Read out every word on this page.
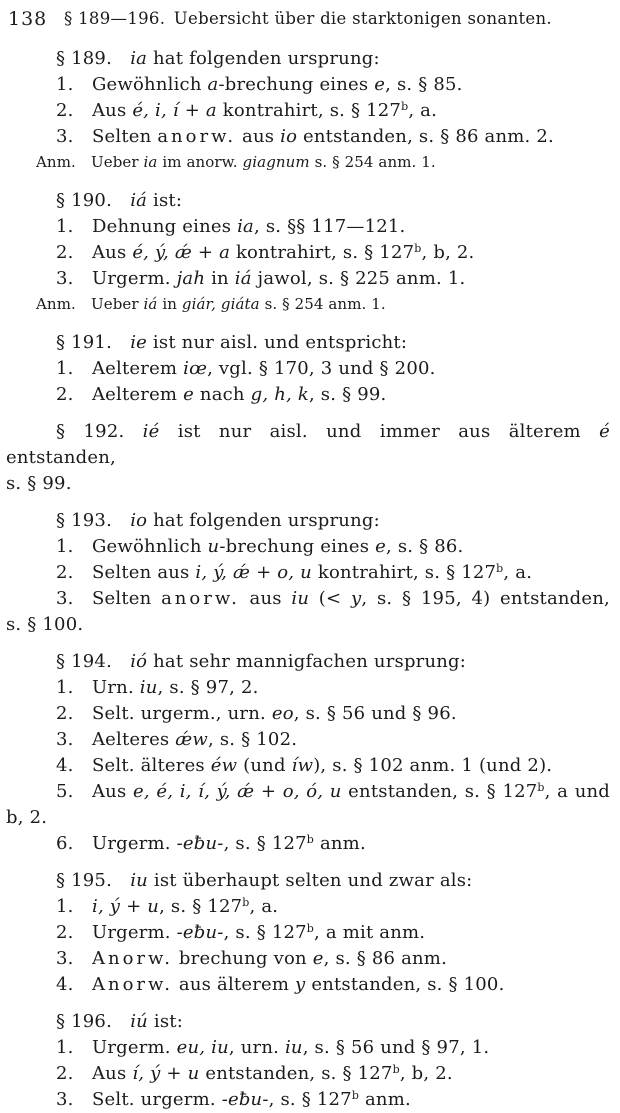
138 § 189—196. Uebersicht über die starktonigen sonanten.

§ 189. ia hat folgenden ursprung:

1.  Gewöhnlich a-brechung eines e, s. § 85.

2.  Aus é, i, í + a kontrahirt, s. § 127$^b$, a.

3.  Selten anorw. aus io entstanden, s. § 86 anm. 2.

Anm. Ueber ia im anorw. giagnum s. § 254 anm. 1.

§ 190. iá ist:

1.  Dehnung eines ia, s. §§ 117—121.

2.  Aus é, ý, ǽ + a kontrahirt, s. § 127$^b$, b, 2.

3.  Urgerm. jah in iá jawol, s. § 225 anm. 1.

Anm. Ueber iá in giár, giáta s. § 254 anm. 1.

§ 191. ie ist nur aisl. und entspricht:

1.  Aelterem iœ, vgl. § 170, 3 und § 200.

2.  Aelterem e nach g, h, k, s. § 99.

§ 192. ié ist nur aisl. und immer aus älterem é entstanden,
s. § 99.

§ 193. io hat folgenden ursprung:

1.  Gewöhnlich u-brechung eines e, s. § 86.

2.  Selten aus i, ý, ǽ + o, u kontrahirt, s. § 127$^b$, a.

3.  Selten anorw. aus iu (< y, s. § 195, 4) entstanden,
s. § 100.

§ 194. ió hat sehr mannigfachen ursprung:

1.  Urn. iu, s. § 97, 2.

2.  Selt. urgerm., urn. eo, s. § 56 und § 96.

3.  Aelteres ǽw, s. § 102.

4.  Selt. älteres éw (und íw), s. § 102 anm. 1 (und 2).

5.  Aus e, é, i, í, ý, ǽ + o, ó, u entstanden, s. § 127$^b$, a und b, 2.

6.  Urgerm. -eƀu-, s. § 127$^b$ anm.

§ 195. iu ist überhaupt selten und zwar als:

1.  i, ý + u, s. § 127$^b$, a.

2.  Urgerm. -eƀu-, s. § 127$^b$, a mit anm.

3.  Anorw. brechung von e, s. § 86 anm.

4.  Anorw. aus älterem y entstanden, s. § 100.

§ 196. iú ist:

1.  Urgerm. eu, iu, urn. iu, s. § 56 und § 97, 1.

2.  Aus í, ý + u entstanden, s. § 127$^b$, b, 2.

3.  Selt. urgerm. -eƀu-, s. § 127$^b$ anm.
